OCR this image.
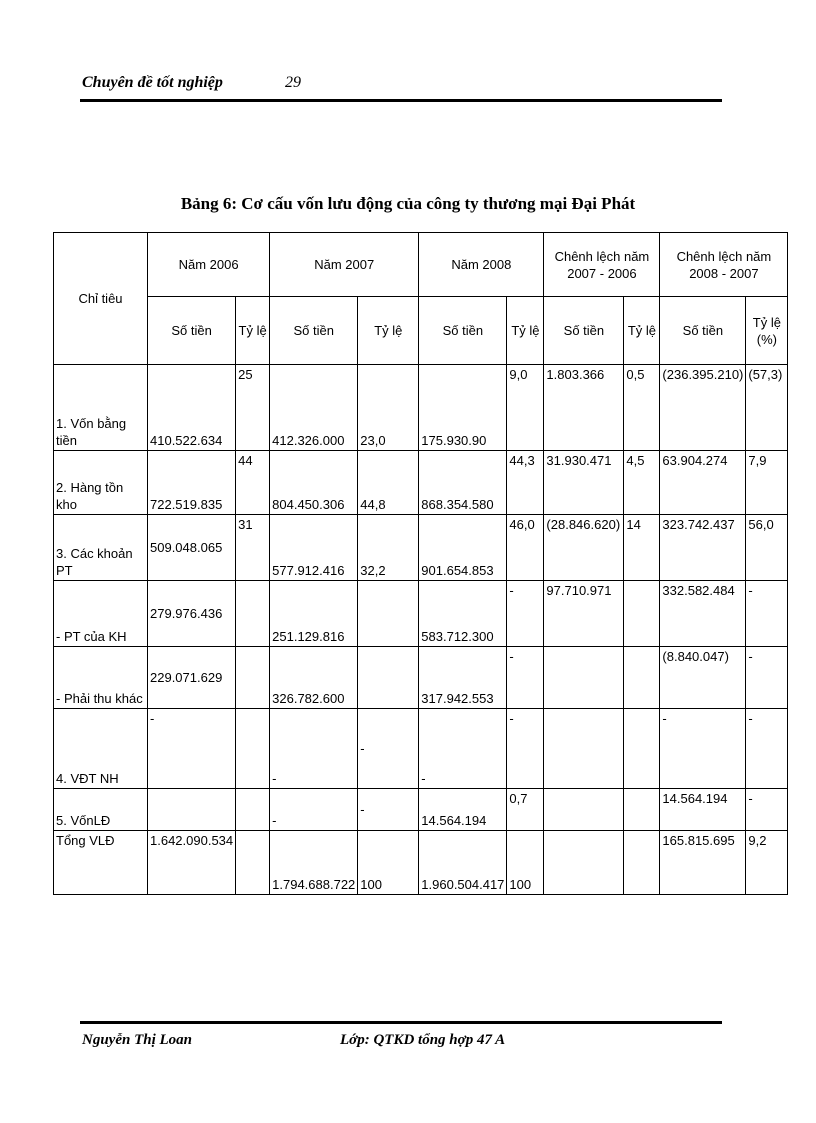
Chuyên đề tốt nghiệp	29
Bảng 6: Cơ cấu vốn lưu động của công ty thương mại Đại Phát
Chỉ tiêu	Năm 2006		Năm 2007		Năm 2008		Chênh lệch năm 2007 - 2006		Chênh lệch năm 2008 - 2007	
	Số tiền	Tỷ lệ	Số tiền	Tỷ lệ	Số tiền	Tỷ lệ	Số tiền	Tỷ lệ	Số tiền	Tỷ lệ (%)
1. Vốn bằng tiền	410.522.634	25	412.326.000	23,0	175.930.90	9,0	1.803.366	0,5	(236.395.210)	(57,3)
2. Hàng tồn kho	722.519.835	44	804.450.306	44,8	868.354.580	44,3	31.930.471	4,5	63.904.274	7,9
3. Các khoản PT	509.048.065	31	577.912.416	32,2	901.654.853	46,0	(28.846.620)	14	323.742.437	56,0
- PT của KH	279.976.436		251.129.816		583.712.300	-	97.710.971		332.582.484	-
- Phải thu khác	229.071.629		326.782.600		317.942.553	-			(8.840.047)	-
4. VĐT NH	-		-	-	-	-			-	-
5. VốnLĐ			-	-	14.564.194	0,7			14.564.194	-
Tổng VLĐ	1.642.090.534		1.794.688.722	100	1.960.504.417	100			165.815.695	9,2
Nguyễn Thị Loan	Lớp: QTKD tổng hợp 47 A
